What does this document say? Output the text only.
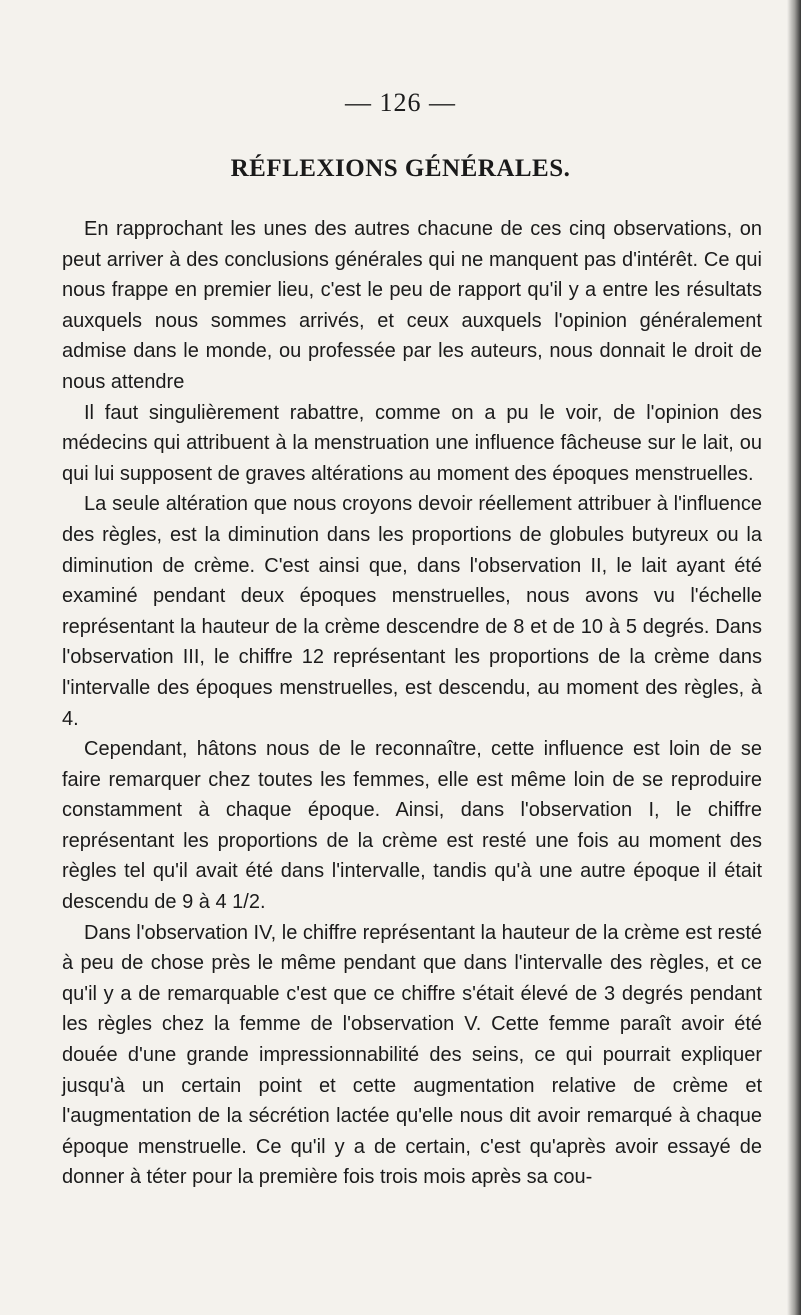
— 126 —
RÉFLEXIONS GÉNÉRALES.

En rapprochant les unes des autres chacune de ces cinq observations, on peut arriver à des conclusions générales qui ne manquent pas d'intérêt. Ce qui nous frappe en premier lieu, c'est le peu de rapport qu'il y a entre les résultats auxquels nous sommes arrivés, et ceux auxquels l'opinion généralement admise dans le monde, ou professée par les auteurs, nous donnait le droit de nous attendre

Il faut singulièrement rabattre, comme on a pu le voir, de l'opinion des médecins qui attribuent à la menstruation une influence fâcheuse sur le lait, ou qui lui supposent de graves altérations au moment des époques menstruelles.

La seule altération que nous croyons devoir réellement attribuer à l'influence des règles, est la diminution dans les proportions de globules butyreux ou la diminution de crème. C'est ainsi que, dans l'observation II, le lait ayant été examiné pendant deux époques menstruelles, nous avons vu l'échelle représentant la hauteur de la crème descendre de 8 et de 10 à 5 degrés. Dans l'observation III, le chiffre 12 représentant les proportions de la crème dans l'intervalle des époques menstruelles, est descendu, au moment des règles, à 4.

Cependant, hâtons nous de le reconnaître, cette influence est loin de se faire remarquer chez toutes les femmes, elle est même loin de se reproduire constamment à chaque époque. Ainsi, dans l'observation I, le chiffre représentant les proportions de la crème est resté une fois au moment des règles tel qu'il avait été dans l'intervalle, tandis qu'à une autre époque il était descendu de 9 à 4 1/2.

Dans l'observation IV, le chiffre représentant la hauteur de la crème est resté à peu de chose près le même pendant que dans l'intervalle des règles, et ce qu'il y a de remarquable c'est que ce chiffre s'était élevé de 3 degrés pendant les règles chez la femme de l'observation V. Cette femme paraît avoir été douée d'une grande impressionnabilité des seins, ce qui pourrait expliquer jusqu'à un certain point et cette augmentation relative de crème et l'augmentation de la sécrétion lactée qu'elle nous dit avoir remarqué à chaque époque menstruelle. Ce qu'il y a de certain, c'est qu'après avoir essayé de donner à téter pour la première fois trois mois après sa cou-
